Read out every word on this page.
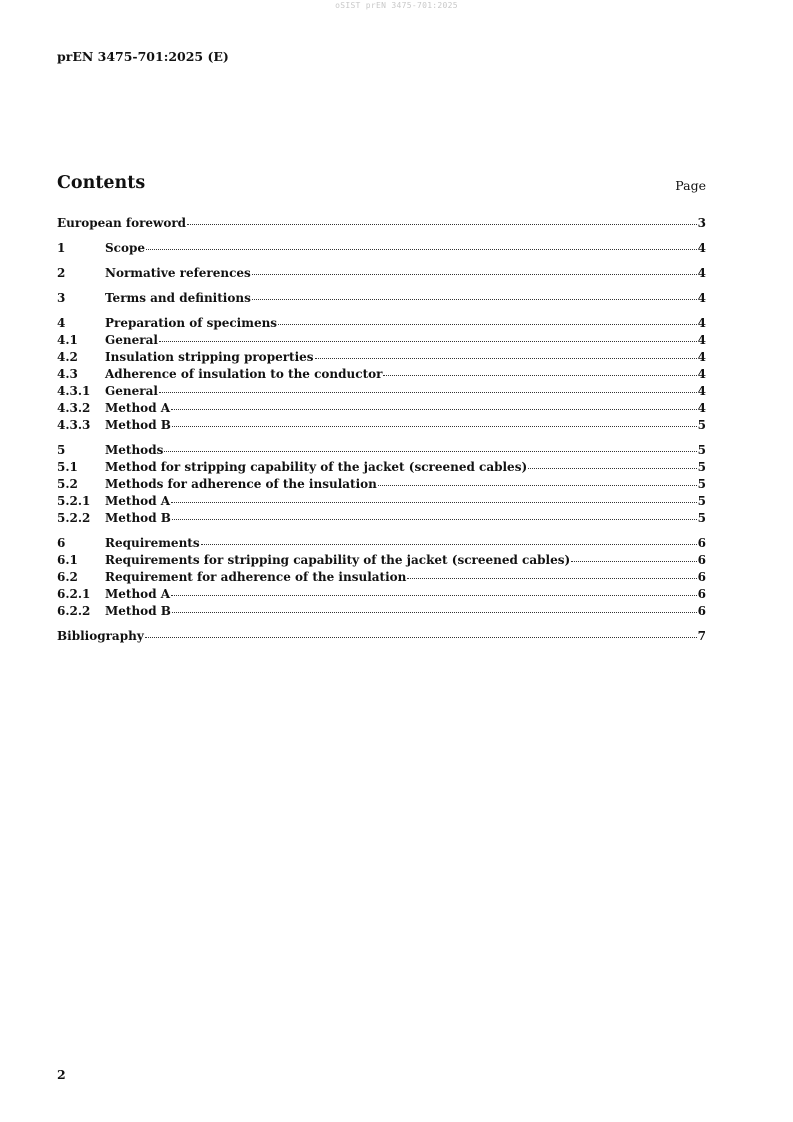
oSIST prEN 3475-701:2025
prEN 3475-701:2025 (E)
Contents	Page
European foreword	3
1	Scope	4
2	Normative references	4
3	Terms and definitions	4
4	Preparation of specimens	4
4.1	General	4
4.2	Insulation stripping properties	4
4.3	Adherence of insulation to the conductor	4
4.3.1	General	4
4.3.2	Method A	4
4.3.3	Method B	5
5	Methods	5
5.1	Method for stripping capability of the jacket (screened cables)	5
5.2	Methods for adherence of the insulation	5
5.2.1	Method A	5
5.2.2	Method B	5
6	Requirements	6
6.1	Requirements for stripping capability of the jacket (screened cables)	6
6.2	Requirement for adherence of the insulation	6
6.2.1	Method A	6
6.2.2	Method B	6
Bibliography	7
2
